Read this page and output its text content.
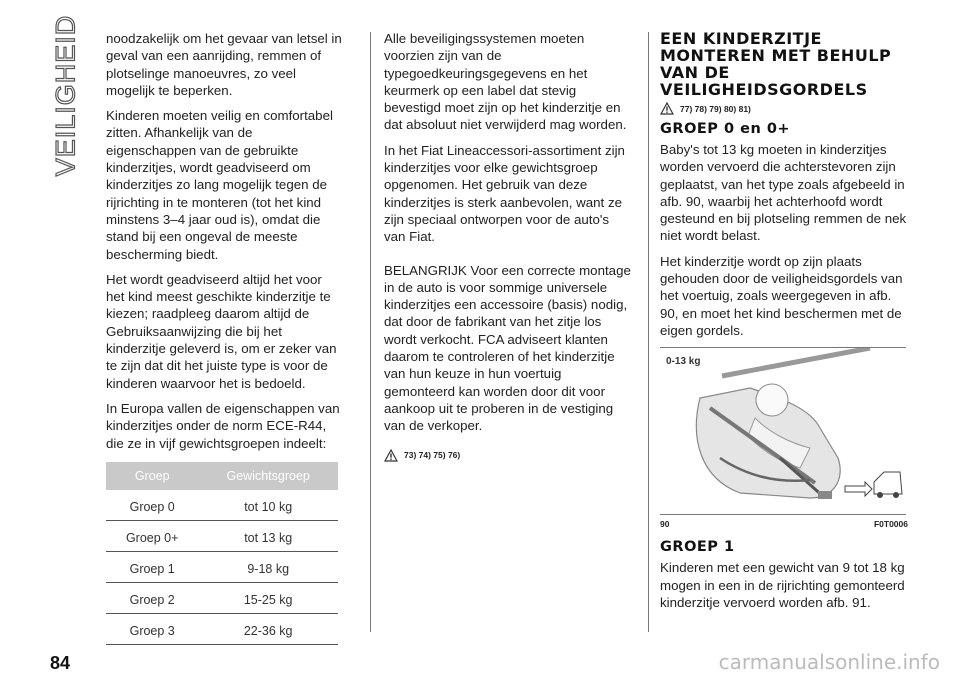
VEILIGHEID noodzakelijk om het gevaar van letsel in geval van een aanrijding, remmen of plotselinge manoeuvres, zo veel mogelijk te beperken.

Kinderen moeten veilig en comfortabel zitten. Afhankelijk van de eigenschappen van de gebruikte kinderzitjes, wordt geadviseerd om kinderzitjes zo lang mogelijk tegen de rijrichting in te monteren (tot het kind minstens 3–4 jaar oud is), omdat die stand bij een ongeval de meeste bescherming biedt.

Het wordt geadviseerd altijd het voor het kind meest geschikte kinderzitje te kiezen; raadpleeg daarom altijd de Gebruiksaanwijzing die bij het kinderzitje geleverd is, om er zeker van te zijn dat dit het juiste type is voor de kinderen waarvoor het is bedoeld.

In Europa vallen de eigenschappen van kinderzitjes onder de norm ECE-R44, die ze in vijf gewichtsgroepen indeelt:

Groep	Gewichtsgroep
Groep 0	tot 10 kg
Groep 0+	tot 13 kg
Groep 1	9-18 kg
Groep 2	15-25 kg
Groep 3	22-36 kg

Alle beveiligingssystemen moeten voorzien zijn van de typegoedkeuringsgegevens en het keurmerk op een label dat stevig bevestigd moet zijn op het kinderzitje en dat absoluut niet verwijderd mag worden.

In het Fiat Lineaccessori-assortiment zijn kinderzitjes voor elke gewichtsgroep opgenomen. Het gebruik van deze kinderzitjes is sterk aanbevolen, want ze zijn speciaal ontworpen voor de auto's van Fiat.

BELANGRIJK Voor een correcte montage in de auto is voor sommige universele kinderzitjes een accessoire (basis) nodig, dat door de fabrikant van het zitje los wordt verkocht. FCA adviseert klanten daarom te controleren of het kinderzitje van hun keuze in hun voertuig gemonteerd kan worden door dit voor aankoop uit te proberen in de vestiging van de verkoper.

73) 74) 75) 76)
EEN KINDERZITJE MONTEREN MET BEHULP VAN DE VEILIGHEIDSGORDELS
77) 78) 79) 80) 81)
GROEP 0 en 0+

Baby's tot 13 kg moeten in kinderzitjes worden vervoerd die achterstevoren zijn geplaatst, van het type zoals afgebeeld in afb. 90, waarbij het achterhoofd wordt gesteund en bij plotseling remmen de nek niet wordt belast.

Het kinderzitje wordt op zijn plaats gehouden door de veiligheidsgordels van het voertuig, zoals weergegeven in afb. 90, en moet het kind beschermen met de eigen gordels.

0-13 kg
90	F0T0006
GROEP 1

Kinderen met een gewicht van 9 tot 18 kg mogen in een in de rijrichting gemonteerd kinderzitje vervoerd worden afb. 91.

84	carmanualsonline.info
